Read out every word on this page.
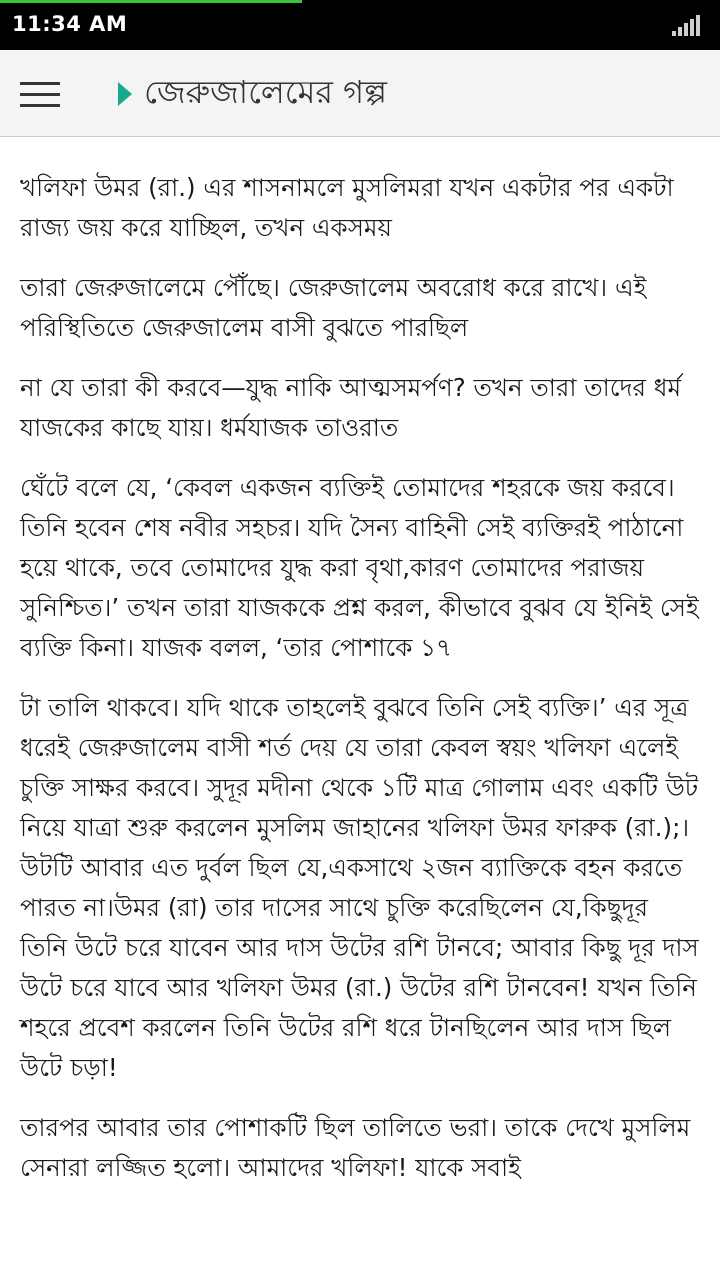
11:34 AM
জেরুজালেমের গল্প

খলিফা উমর (রা.) এর শাসনামলে মুসলিমরা যখন একটার পর একটা রাজ্য জয় করে যাচ্ছিল, তখন একসময়

তারা জেরুজালেমে পৌঁছে। জেরুজালেম অবরোধ করে রাখে। এই পরিস্থিতিতে জেরুজালেম বাসী বুঝতে পারছিল

না যে তারা কী করবে—যুদ্ধ নাকি আত্মসমর্পণ? তখন তারা তাদের ধর্ম যাজকের কাছে যায়। ধর্মযাজক তাওরাত

ঘেঁটে বলে যে, ‘কেবল একজন ব্যক্তিই তোমাদের শহরকে জয় করবে। তিনি হবেন শেষ নবীর সহচর। যদি সৈন্য বাহিনী সেই ব্যক্তিরই পাঠানো হয়ে থাকে, তবে তোমাদের যুদ্ধ করা বৃথা,কারণ তোমাদের পরাজয় সুনিশ্চিত।’ তখন তারা যাজককে প্রশ্ন করল, কীভাবে বুঝব যে ইনিই সেই ব্যক্তি কিনা। যাজক বলল, ‘তার পোশাকে ১৭

টা তালি থাকবে। যদি থাকে তাহলেই বুঝবে তিনি সেই ব্যক্তি।’ এর সূত্র ধরেই জেরুজালেম বাসী শর্ত দেয় যে তারা কেবল স্বয়ং খলিফা এলেই চুক্তি সাক্ষর করবে। সুদূর মদীনা থেকে ১টি মাত্র গোলাম এবং একটি উট নিয়ে যাত্রা শুরু করলেন মুসলিম জাহানের খলিফা উমর ফারুক (রা.);।উটটি আবার এত দুর্বল ছিল যে,একসাথে ২জন ব্যাক্তিকে বহন করতে পারত না।উমর (রা) তার দাসের সাথে চুক্তি করেছিলেন যে,কিছুদূর তিনি উটে চরে যাবেন আর দাস উটের রশি টানবে; আবার কিছু দূর দাস উটে চরে যাবে আর খলিফা উমর (রা.) উটের রশি টানবেন! যখন তিনি শহরে প্রবেশ করলেন তিনি উটের রশি ধরে টানছিলেন আর দাস ছিল উটে চড়া!

তারপর আবার তার পোশাকটি ছিল তালিতে ভরা। তাকে দেখে মুসলিম সেনারা লজ্জিত হলো। আমাদের খলিফা! যাকে সবাই
